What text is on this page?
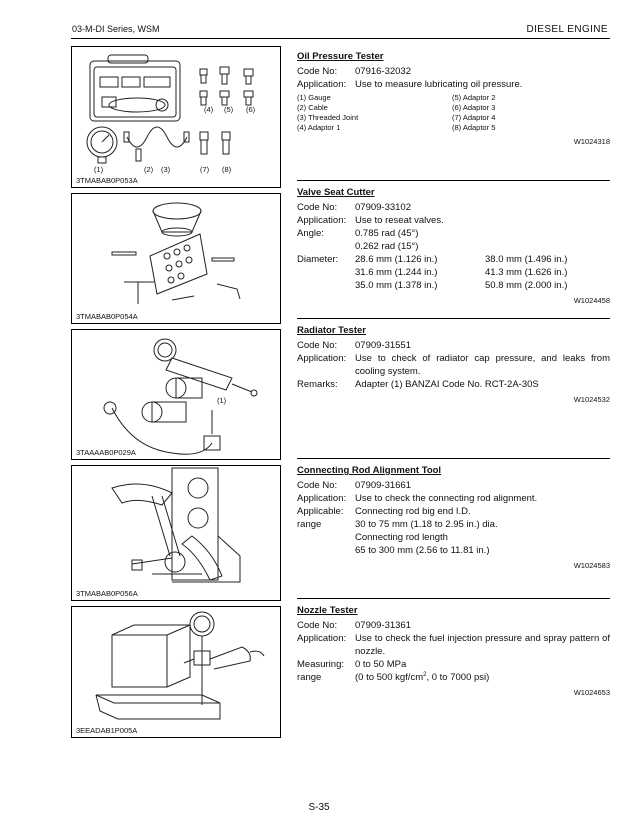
03-M-DI Series, WSM	DIESEL ENGINE
(4) (5) (6)
(1)	(2) (3)	(7) (8)
3TMABAB0P053A
3TMABAB0P054A
(1)
3TAAAAB0P029A
3TMABAB0P056A
3EEADAB1P005A
Oil Pressure Tester
Code No:	07916-32032
Application: Use to measure lubricating oil pressure.
(1) Gauge	(5) Adaptor 2
(2) Cable	(6) Adaptor 3
(3) Threaded Joint	(7) Adaptor 4
(4) Adaptor 1	(8) Adaptor 5
W1024318
Valve Seat Cutter
Code No:	07909-33102
Application: Use to reseat valves.
Angle:	0.785 rad (45°)
0.262 rad (15°)
Diameter:	28.6 mm (1.126 in.)	38.0 mm (1.496 in.)
31.6 mm (1.244 in.)	41.3 mm (1.626 in.)
35.0 mm (1.378 in.)	50.8 mm (2.000 in.)
W1024458
Radiator Tester
Code No:	07909-31551
Application: Use to check of radiator cap pressure, and leaks from cooling system.
Remarks:	Adapter (1) BANZAI Code No. RCT-2A-30S
W1024532
Connecting Rod Alignment Tool
Code No:	07909-31661
Application: Use to check the connecting rod alignment.
Applicable:	Connecting rod big end I.D.
range	30 to 75 mm (1.18 to 2.95 in.) dia.
Connecting rod length
65 to 300 mm (2.56 to 11.81 in.)
W1024583
Nozzle Tester
Code No:	07909-31361
Application: Use to check the fuel injection pressure and spray pattern of nozzle.
Measuring:	0 to 50 MPa
range	(0 to 500 kgf/$cm^2$, 0 to 7000 psi)
W1024653
S-35
